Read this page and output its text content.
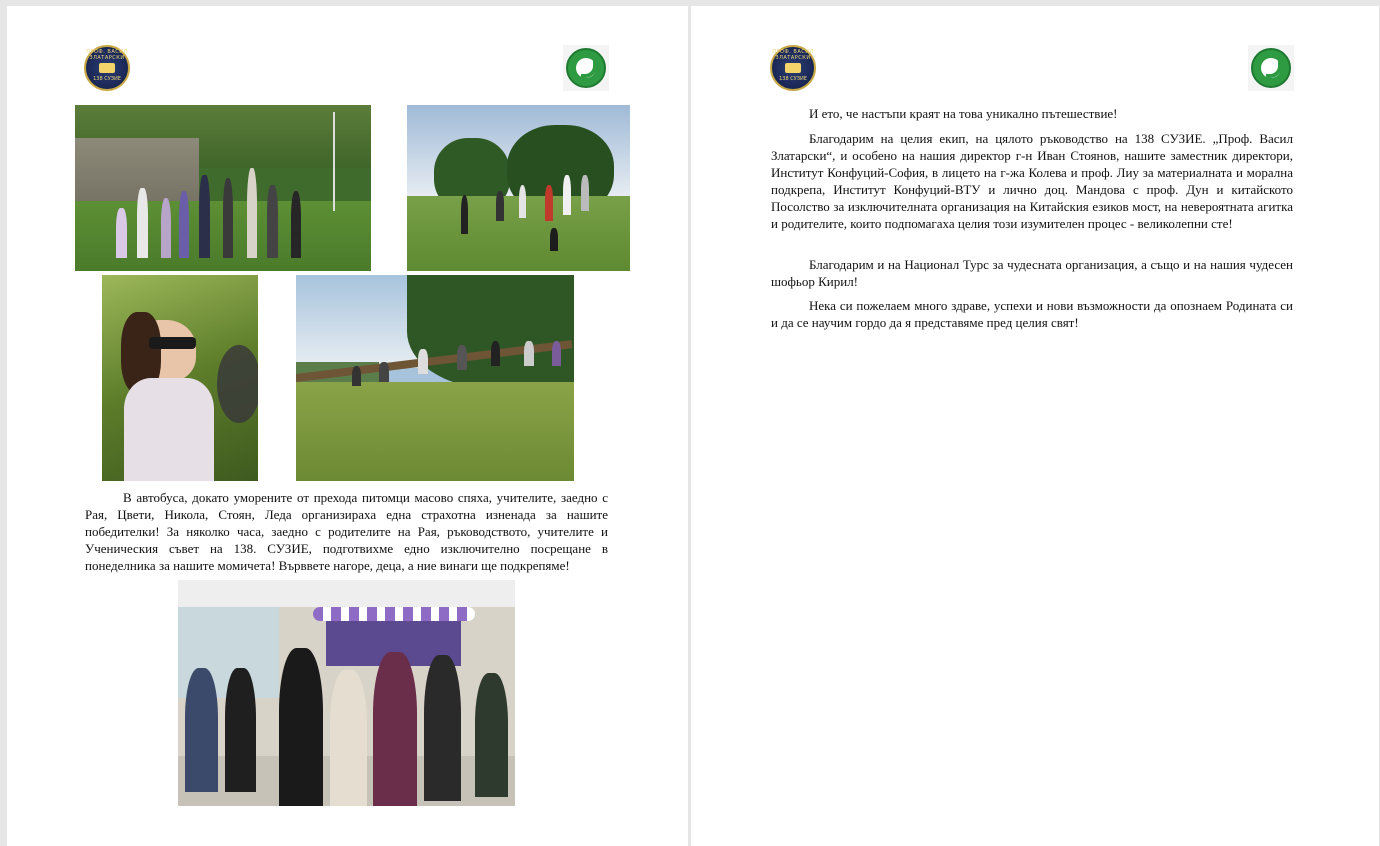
ПРОФ. ВАСИЛ ЗЛАТАРСКИ
138 СУЗИЕ

В автобуса, докато уморените от прехода питомци масово спяха, учителите, заедно с Рая, Цвети, Никола, Стоян, Леда организираха една страхотна изненада за нашите победителки! За няколко часа, заедно с родителите на Рая, ръководството, учителите и Ученическия съвет на 138. СУЗИЕ, подготвихме едно изключително посрещане в понеделника за нашите момичета! Върввете нагоре, деца, а ние винаги ще подкрепяме!

ПРОФ. ВАСИЛ ЗЛАТАРСКИ
138 СУЗИЕ

И ето, че настъпи краят на това уникално пътешествие!

Благодарим на целия екип, на цялото ръководство на 138 СУЗИЕ. „Проф. Васил Златарски“, и особено на нашия директор г-н Иван Стоянов, нашите заместник директори, Институт Конфуций-София, в лицето на г-жа Колева и проф. Лиу за материалната и морална подкрепа, Институт Конфуций-ВТУ и лично доц. Мандова с проф. Дун и китайското Посолство за изключителната организация на Китайския езиков мост, на невероятната агитка и родителите, които подпомагаха целия този изумителен процес - великолепни сте!

Благодарим и на Национал Турс за чудесната организация, а също и на нашия чудесен шофьор Кирил!

Нека си пожелаем много здраве, успехи и нови възможности да опознаем Родината си и да се научим гордо да я представяме пред целия свят!
